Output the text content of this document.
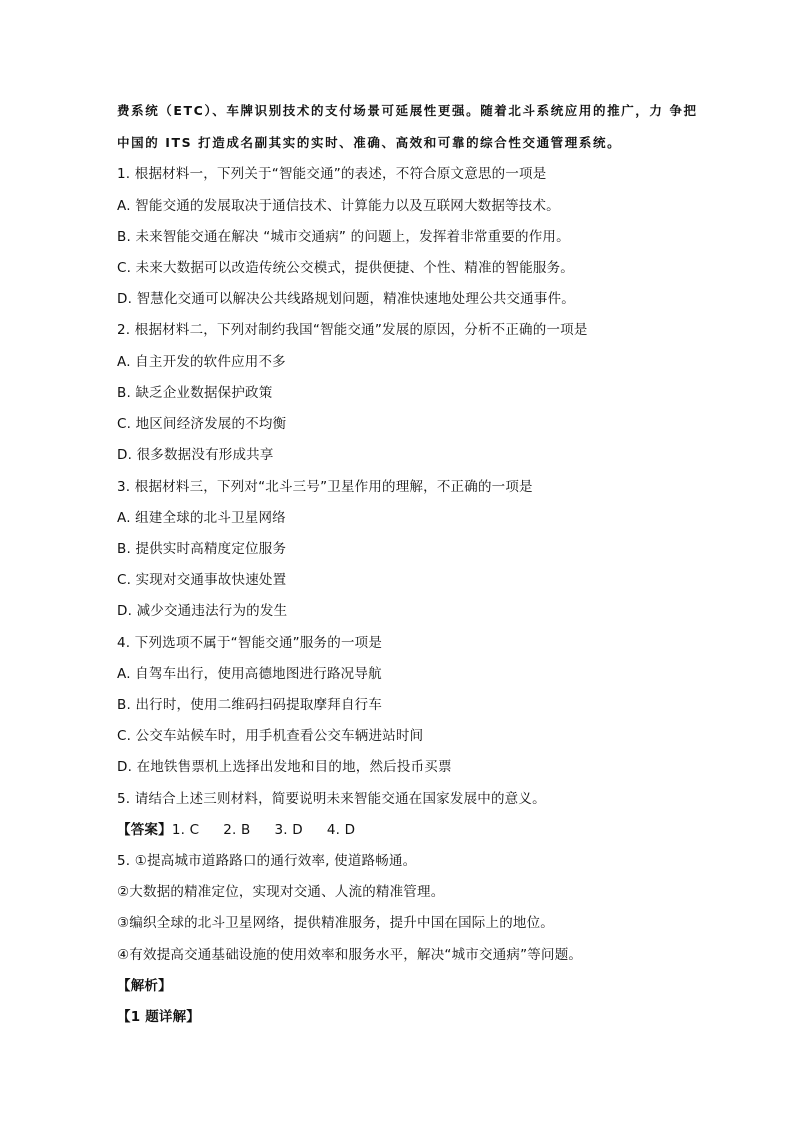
费系统（ETC）、车牌识别技术的支付场景可延展性更强。随着北斗系统应用的推广，力 争把
中国的 ITS 打造成名副其实的实时、准确、高效和可靠的综合性交通管理系统。
1. 根据材料一，下列关于“智能交通”的表述，不符合原文意思的一项是
A. 智能交通的发展取决于通信技术、计算能力以及互联网大数据等技术。
B. 未来智能交通在解决 “城市交通病” 的问题上，发挥着非常重要的作用。
C. 未来大数据可以改造传统公交模式，提供便捷、个性、精准的智能服务。
D. 智慧化交通可以解决公共线路规划问题，精准快速地处理公共交通事件。
2. 根据材料二，下列对制约我国“智能交通”发展的原因，分析不正确的一项是
A. 自主开发的软件应用不多
B. 缺乏企业数据保护政策
C. 地区间经济发展的不均衡
D. 很多数据没有形成共享
3. 根据材料三，下列对“北斗三号”卫星作用的理解，不正确的一项是
A. 组建全球的北斗卫星网络
B. 提供实时高精度定位服务
C. 实现对交通事故快速处置
D. 减少交通违法行为的发生
4. 下列选项不属于“智能交通”服务的一项是
A. 自驾车出行，使用高德地图进行路况导航
B. 出行时，使用二维码扫码提取摩拜自行车
C. 公交车站候车时，用手机查看公交车辆进站时间
D. 在地铁售票机上选择出发地和目的地，然后投币买票
5. 请结合上述三则材料，简要说明未来智能交通在国家发展中的意义。
【答案】1. C 2. B 3. D 4. D
5. ①提高城市道路路口的通行效率, 使道路畅通。
②大数据的精准定位，实现对交通、人流的精准管理。
③编织全球的北斗卫星网络，提供精准服务，提升中国在国际上的地位。
④有效提高交通基础设施的使用效率和服务水平，解决“城市交通病”等问题。
【解析】
【1 题详解】
